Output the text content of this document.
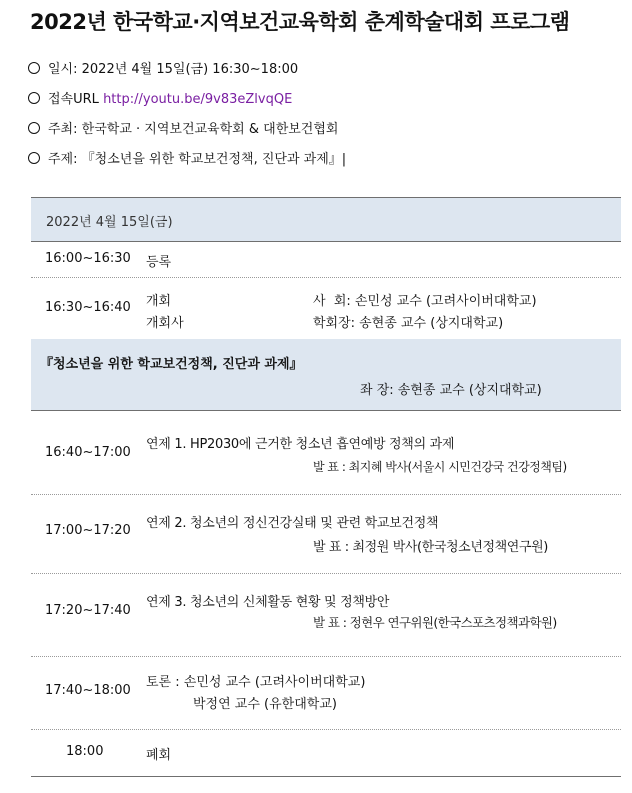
2022년 한국학교·지역보건교육학회 춘계학술대회 프로그램
일시: 2022년 4월 15일(금) 16:30∼18:00
접속URL http://youtu.be/9v83eZlvqQE
주최: 한국학교 · 지역보건교육학회 & 대한보건협회
주제: 『청소년을 위한 학교보건정책, 진단과 과제』|
2022년 4월 15일(금)
16:00~16:30 등록
16:30~16:40 개회
개회사
사  회: 손민성 교수 (고려사이버대학교)
학회장: 송현종 교수 (상지대학교)
『청소년을 위한 학교보건정책, 진단과 과제』
좌 장: 송현종 교수 (상지대학교)
16:40~17:00
연제 1. HP2030에 근거한 청소년 흡연예방 정책의 과제
발 표 : 최지혜 박사(서울시 시민건강국 건강정책팀)
17:00~17:20 연제 2. 청소년의 정신건강실태 및 관련 학교보건정책
발 표 : 최정원 박사(한국청소년정책연구원)
17:20~17:40
연제 3. 청소년의 신체활동 현황 및 정책방안
발 표 : 정현우 연구위원(한국스포츠정책과학원)
17:40~18:00
토론 : 손민성 교수 (고려사이버대학교)
박정연 교수 (유한대학교)
18:00	폐회
